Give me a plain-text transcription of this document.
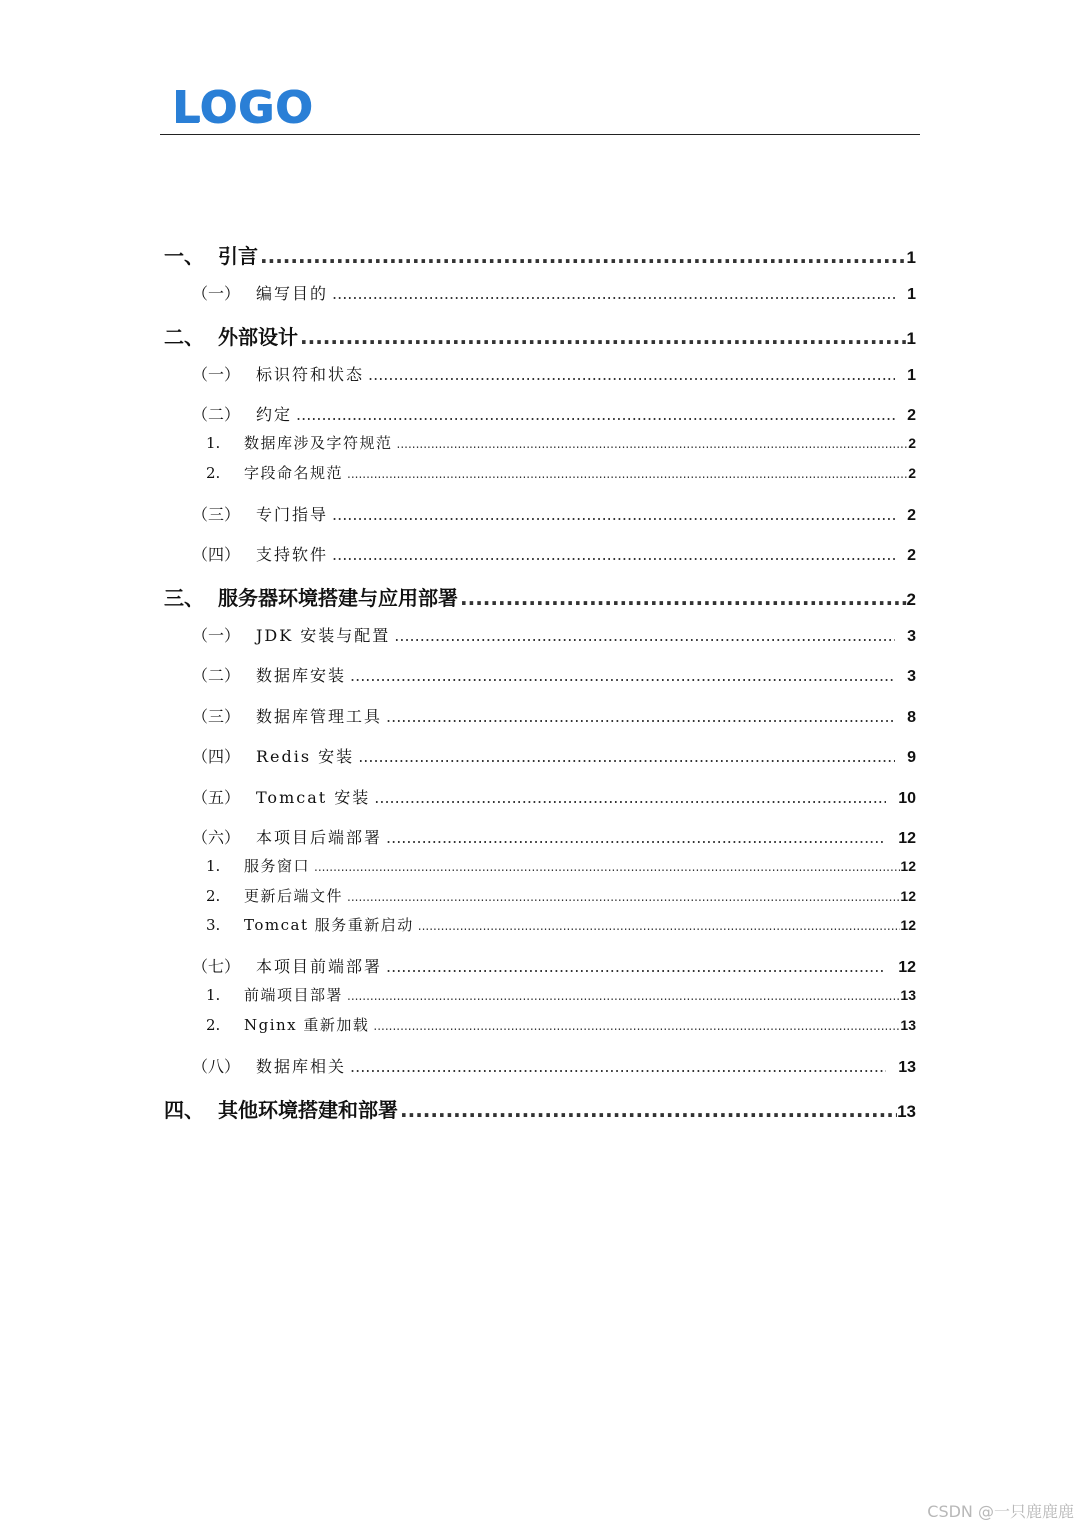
LOGO
一、 引言 .....	1
（一） 编写目的 .....	1
二、 外部设计 .....	1
（一） 标识符和状态 .....	1
（二） 约定 .....	2
1.	数据库涉及字符规范 .....	2
2.	字段命名规范 .....	2
（三） 专门指导 .....	2
（四） 支持软件 .....	2
三、 服务器环境搭建与应用部署 .....	2
（一） JDK 安装与配置 .....	3
（二） 数据库安装 .....	3
（三） 数据库管理工具 .....	8
（四） Redis 安装 .....	9
（五） Tomcat 安装 .....	10
（六） 本项目后端部署 .....	12
1.	服务窗口 .....	12
2.	更新后端文件 .....	12
3.	Tomcat 服务重新启动 .....	12
（七） 本项目前端部署 .....	12
1.	前端项目部署 .....	13
2.	Nginx 重新加载 .....	13
（八） 数据库相关 .....	13
四、 其他环境搭建和部署 .....	13
CSDN @一只鹿鹿鹿
